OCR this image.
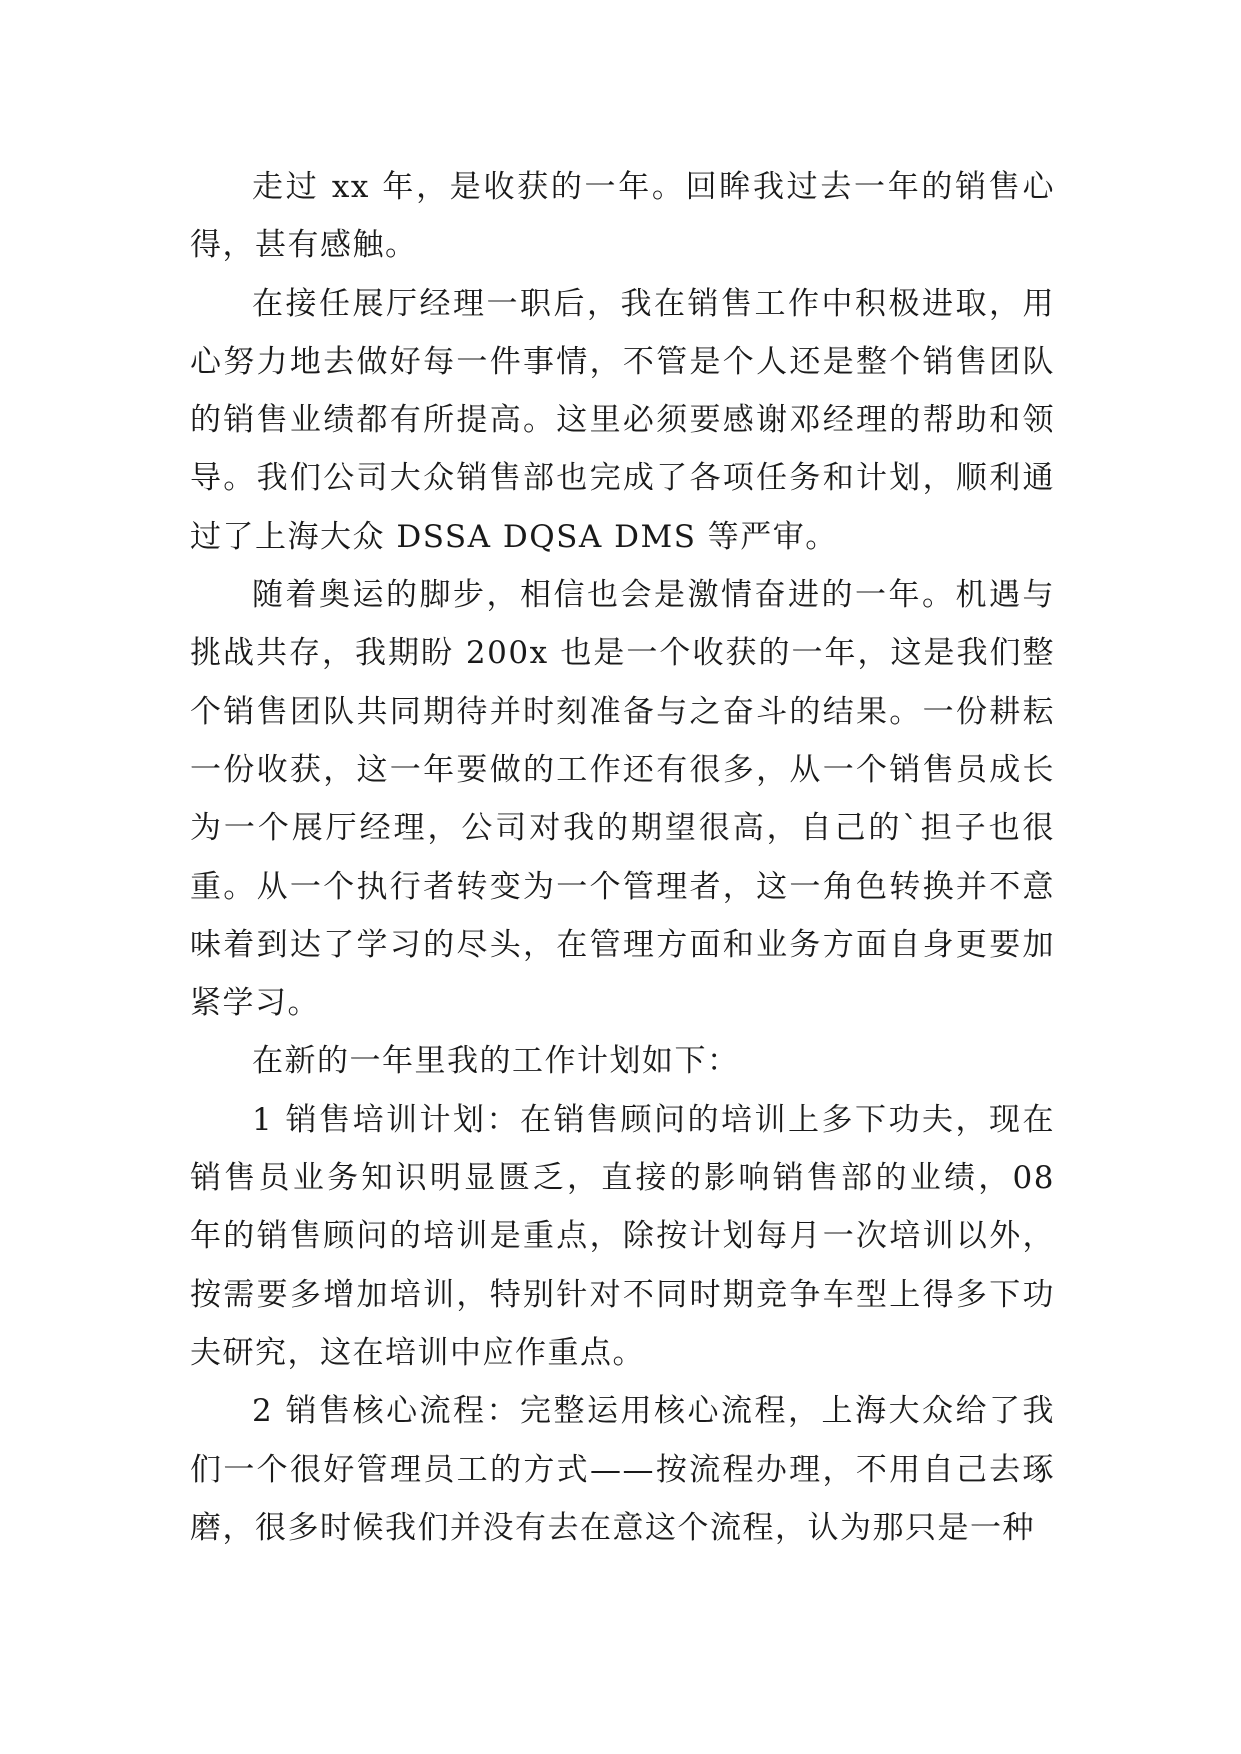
走过 xx 年，是收获的一年。回眸我过去一年的销售心得，甚有感触。

在接任展厅经理一职后，我在销售工作中积极进取，用心努力地去做好每一件事情，不管是个人还是整个销售团队的销售业绩都有所提高。这里必须要感谢邓经理的帮助和领导。我们公司大众销售部也完成了各项任务和计划，顺利通过了上海大众 DSSA DQSA DMS 等严审。

随着奥运的脚步，相信也会是激情奋进的一年。机遇与挑战共存，我期盼 200x 也是一个收获的一年，这是我们整个销售团队共同期待并时刻准备与之奋斗的结果。一份耕耘一份收获，这一年要做的工作还有很多，从一个销售员成长为一个展厅经理，公司对我的期望很高，自己的`担子也很重。从一个执行者转变为一个管理者，这一角色转换并不意味着到达了学习的尽头，在管理方面和业务方面自身更要加紧学习。

在新的一年里我的工作计划如下：

1 销售培训计划：在销售顾问的培训上多下功夫，现在销售员业务知识明显匮乏，直接的影响销售部的业绩，08 年的销售顾问的培训是重点，除按计划每月一次培训以外，按需要多增加培训，特别针对不同时期竞争车型上得多下功夫研究，这在培训中应作重点。

2 销售核心流程：完整运用核心流程，上海大众给了我们一个很好管理员工的方式——按流程办理，不用自己去琢磨，很多时候我们并没有去在意这个流程，认为那只是一种
